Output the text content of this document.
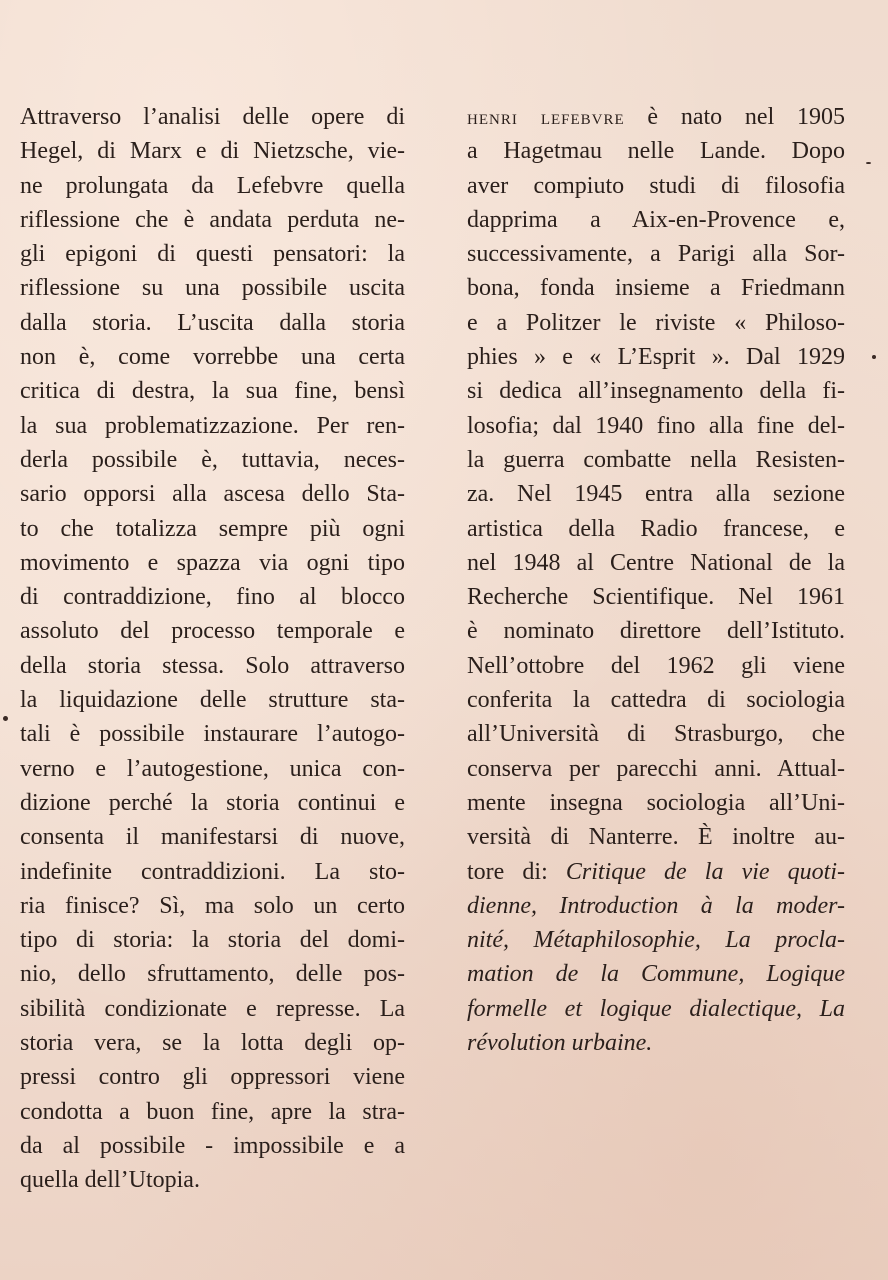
Attraverso l’analisi delle opere di
Hegel, di Marx e di Nietzsche, vie-
ne prolungata da Lefebvre quella
riflessione che è andata perduta ne-
gli epigoni di questi pensatori: la
riflessione su una possibile uscita
dalla storia. L’uscita dalla storia
non è, come vorrebbe una certa
critica di destra, la sua fine, bensì
la sua problematizzazione. Per ren-
derla possibile è, tuttavia, neces-
sario opporsi alla ascesa dello Sta-
to che totalizza sempre più ogni
movimento e spazza via ogni tipo
di contraddizione, fino al blocco
assoluto del processo temporale e
della storia stessa. Solo attraverso
la liquidazione delle strutture sta-
tali è possibile instaurare l’autogo-
verno e l’autogestione, unica con-
dizione perché la storia continui e
consenta il manifestarsi di nuove,
indefinite contraddizioni. La sto-
ria finisce? Sì, ma solo un certo
tipo di storia: la storia del domi-
nio, dello sfruttamento, delle pos-
sibilità condizionate e represse. La
storia vera, se la lotta degli op-
pressi contro gli oppressori viene
condotta a buon fine, apre la stra-
da al possibile - impossibile e a
quella dell’Utopia.
henri lefebvre è nato nel 1905
a Hagetmau nelle Lande. Dopo
aver compiuto studi di filosofia
dapprima a Aix-en-Provence e,
successivamente, a Parigi alla Sor-
bona, fonda insieme a Friedmann
e a Politzer le riviste « Philoso-
phies » e « L’Esprit ». Dal 1929
si dedica all’insegnamento della fi-
losofia; dal 1940 fino alla fine del-
la guerra combatte nella Resisten-
za. Nel 1945 entra alla sezione
artistica della Radio francese, e
nel 1948 al Centre National de la
Recherche Scientifique. Nel 1961
è nominato direttore dell’Istituto.
Nell’ottobre del 1962 gli viene
conferita la cattedra di sociologia
all’Università di Strasburgo, che
conserva per parecchi anni. Attual-
mente insegna sociologia all’Uni-
versità di Nanterre. È inoltre au-
tore di: Critique de la vie quoti-
dienne, Introduction à la moder-
nité, Métaphilosophie, La procla-
mation de la Commune, Logique
formelle et logique dialectique, La
révolution urbaine.
